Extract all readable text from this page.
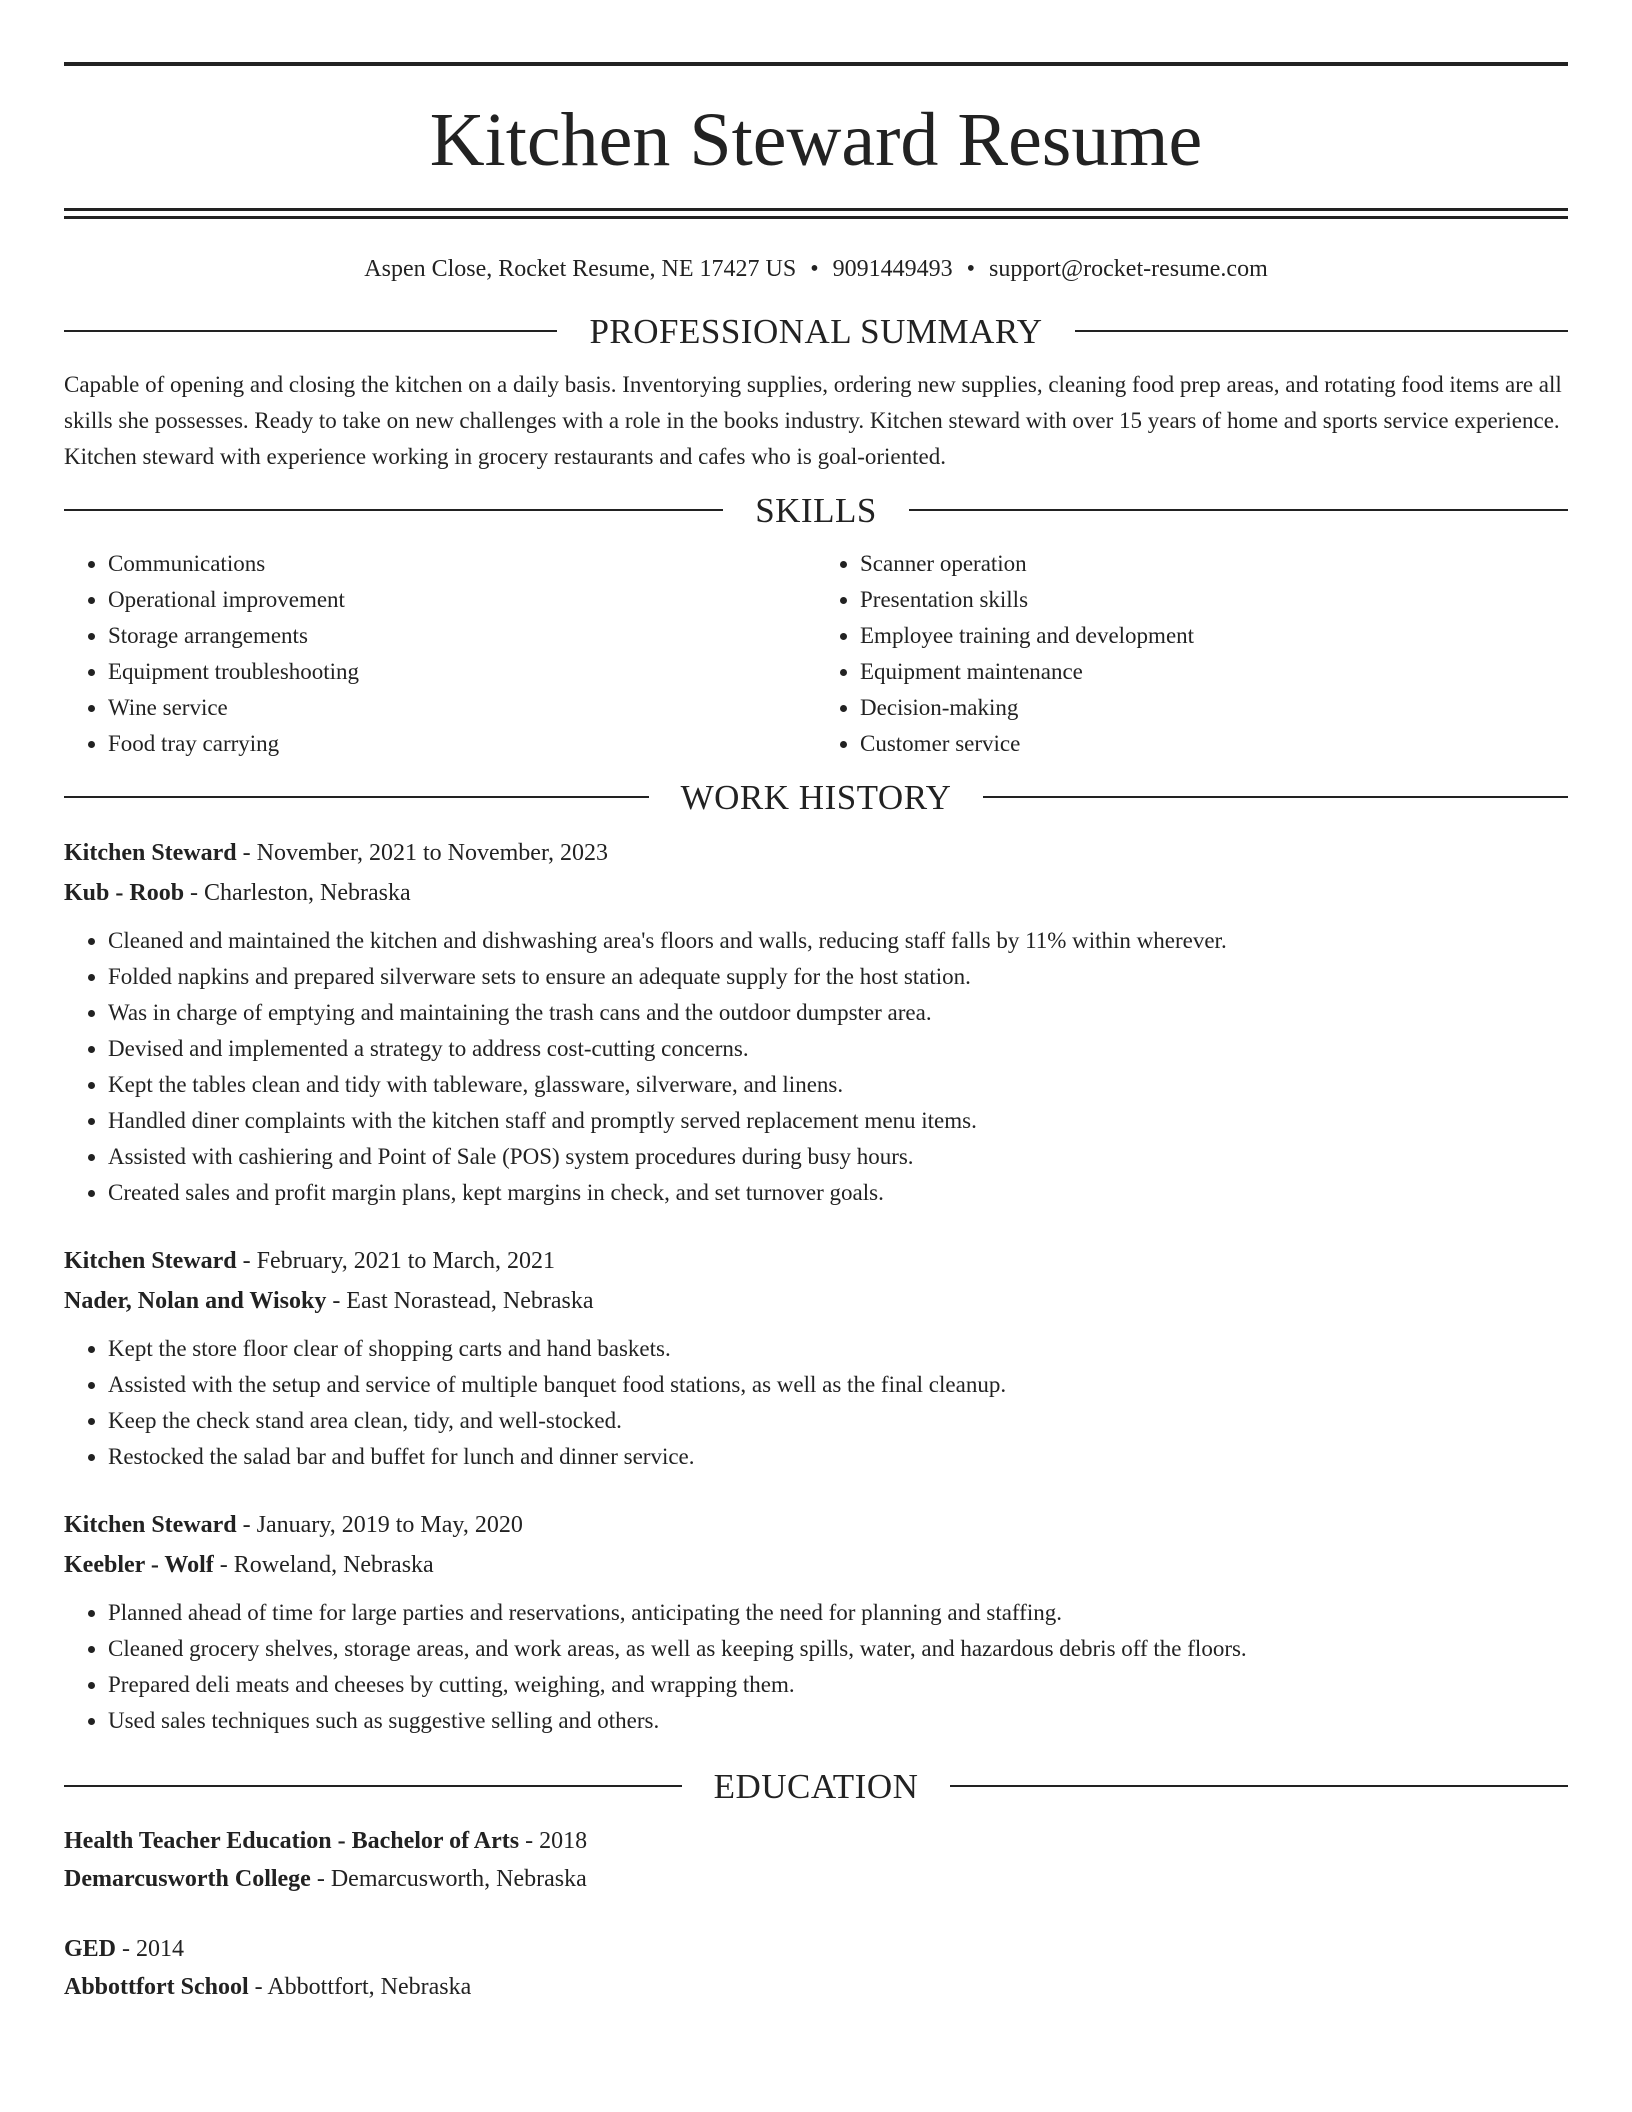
Kitchen Steward Resume
Aspen Close, Rocket Resume, NE 17427 US • 9091449493 • support@rocket-resume.com
PROFESSIONAL SUMMARY

Capable of opening and closing the kitchen on a daily basis. Inventorying supplies, ordering new supplies, cleaning food prep areas, and rotating food items are all skills she possesses. Ready to take on new challenges with a role in the books industry. Kitchen steward with over 15 years of home and sports service experience. Kitchen steward with experience working in grocery restaurants and cafes who is goal-oriented.

SKILLS
• Communications
• Operational improvement
• Storage arrangements
• Equipment troubleshooting
• Wine service
• Food tray carrying
• Scanner operation
• Presentation skills
• Employee training and development
• Equipment maintenance
• Decision-making
• Customer service
WORK HISTORY
Kitchen Steward - November, 2021 to November, 2023
Kub - Roob - Charleston, Nebraska
• Cleaned and maintained the kitchen and dishwashing area's floors and walls, reducing staff falls by 11% within wherever.
• Folded napkins and prepared silverware sets to ensure an adequate supply for the host station.
• Was in charge of emptying and maintaining the trash cans and the outdoor dumpster area.
• Devised and implemented a strategy to address cost-cutting concerns.
• Kept the tables clean and tidy with tableware, glassware, silverware, and linens.
• Handled diner complaints with the kitchen staff and promptly served replacement menu items.
• Assisted with cashiering and Point of Sale (POS) system procedures during busy hours.
• Created sales and profit margin plans, kept margins in check, and set turnover goals.
Kitchen Steward - February, 2021 to March, 2021
Nader, Nolan and Wisoky - East Norastead, Nebraska
• Kept the store floor clear of shopping carts and hand baskets.
• Assisted with the setup and service of multiple banquet food stations, as well as the final cleanup.
• Keep the check stand area clean, tidy, and well-stocked.
• Restocked the salad bar and buffet for lunch and dinner service.
Kitchen Steward - January, 2019 to May, 2020
Keebler - Wolf - Roweland, Nebraska
• Planned ahead of time for large parties and reservations, anticipating the need for planning and staffing.
• Cleaned grocery shelves, storage areas, and work areas, as well as keeping spills, water, and hazardous debris off the floors.
• Prepared deli meats and cheeses by cutting, weighing, and wrapping them.
• Used sales techniques such as suggestive selling and others.
EDUCATION
Health Teacher Education - Bachelor of Arts - 2018
Demarcusworth College - Demarcusworth, Nebraska
GED - 2014
Abbottfort School - Abbottfort, Nebraska
